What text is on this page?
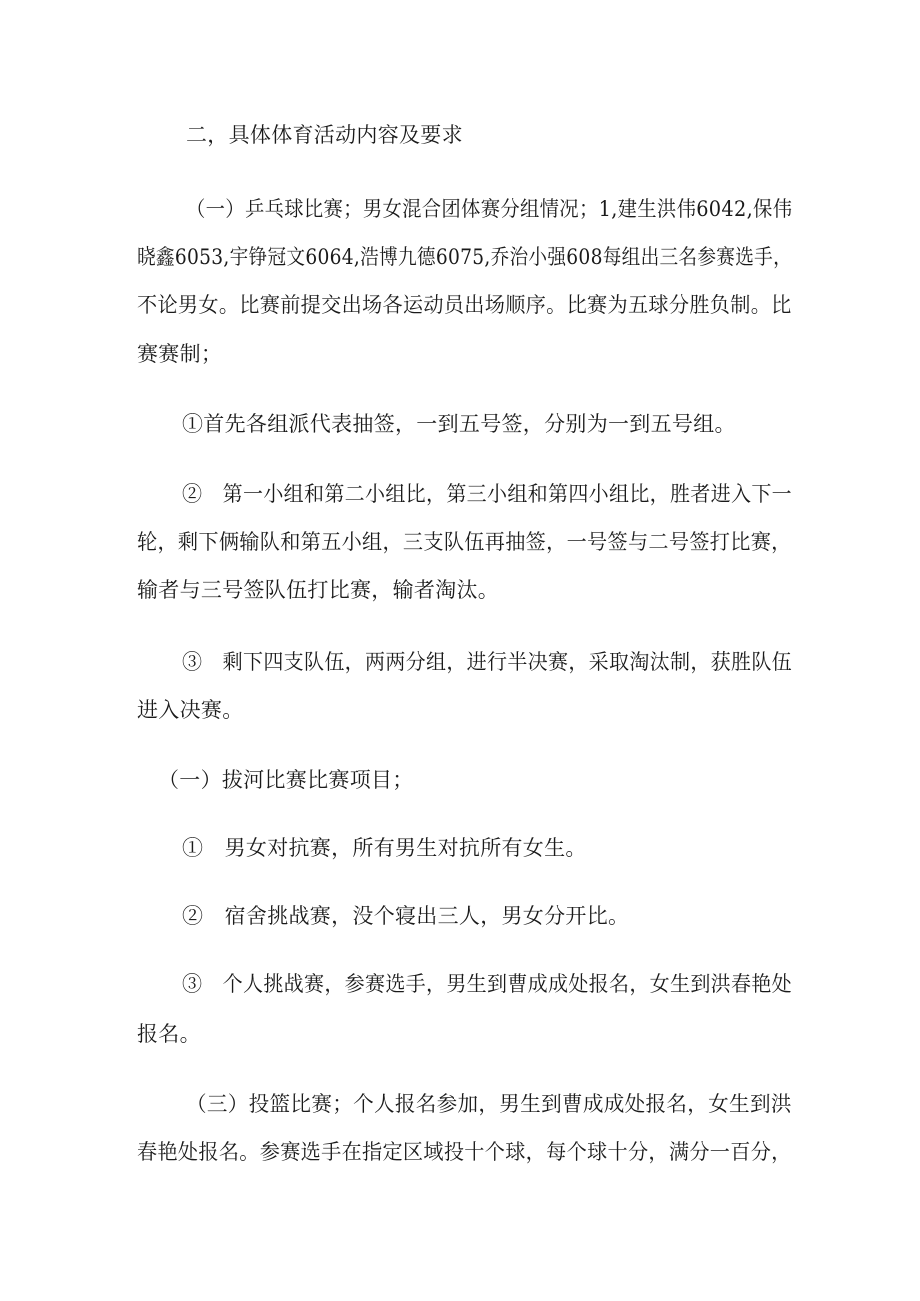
二，具体体育活动内容及要求
（一）乒乓球比赛；男女混合团体赛分组情况；1,建生洪伟6042,保伟
晓鑫6053,宇铮冠文6064,浩博九德6075,乔治小强608每组出三名参赛选手，
不论男女。比赛前提交出场各运动员出场顺序。比赛为五球分胜负制。比
赛赛制；
①首先各组派代表抽签，一到五号签，分别为一到五号组。
②　第一小组和第二小组比，第三小组和第四小组比，胜者进入下一
轮，剩下俩输队和第五小组，三支队伍再抽签，一号签与二号签打比赛，
输者与三号签队伍打比赛，输者淘汰。
③　剩下四支队伍，两两分组，进行半决赛，采取淘汰制，获胜队伍
进入决赛。
（一）拔河比赛比赛项目；
①　男女对抗赛，所有男生对抗所有女生。
②　宿舍挑战赛，没个寝出三人，男女分开比。
③　个人挑战赛，参赛选手，男生到曹成成处报名，女生到洪春艳处
报名。
（三）投篮比赛；个人报名参加，男生到曹成成处报名，女生到洪
春艳处报名。参赛选手在指定区域投十个球，每个球十分，满分一百分，
